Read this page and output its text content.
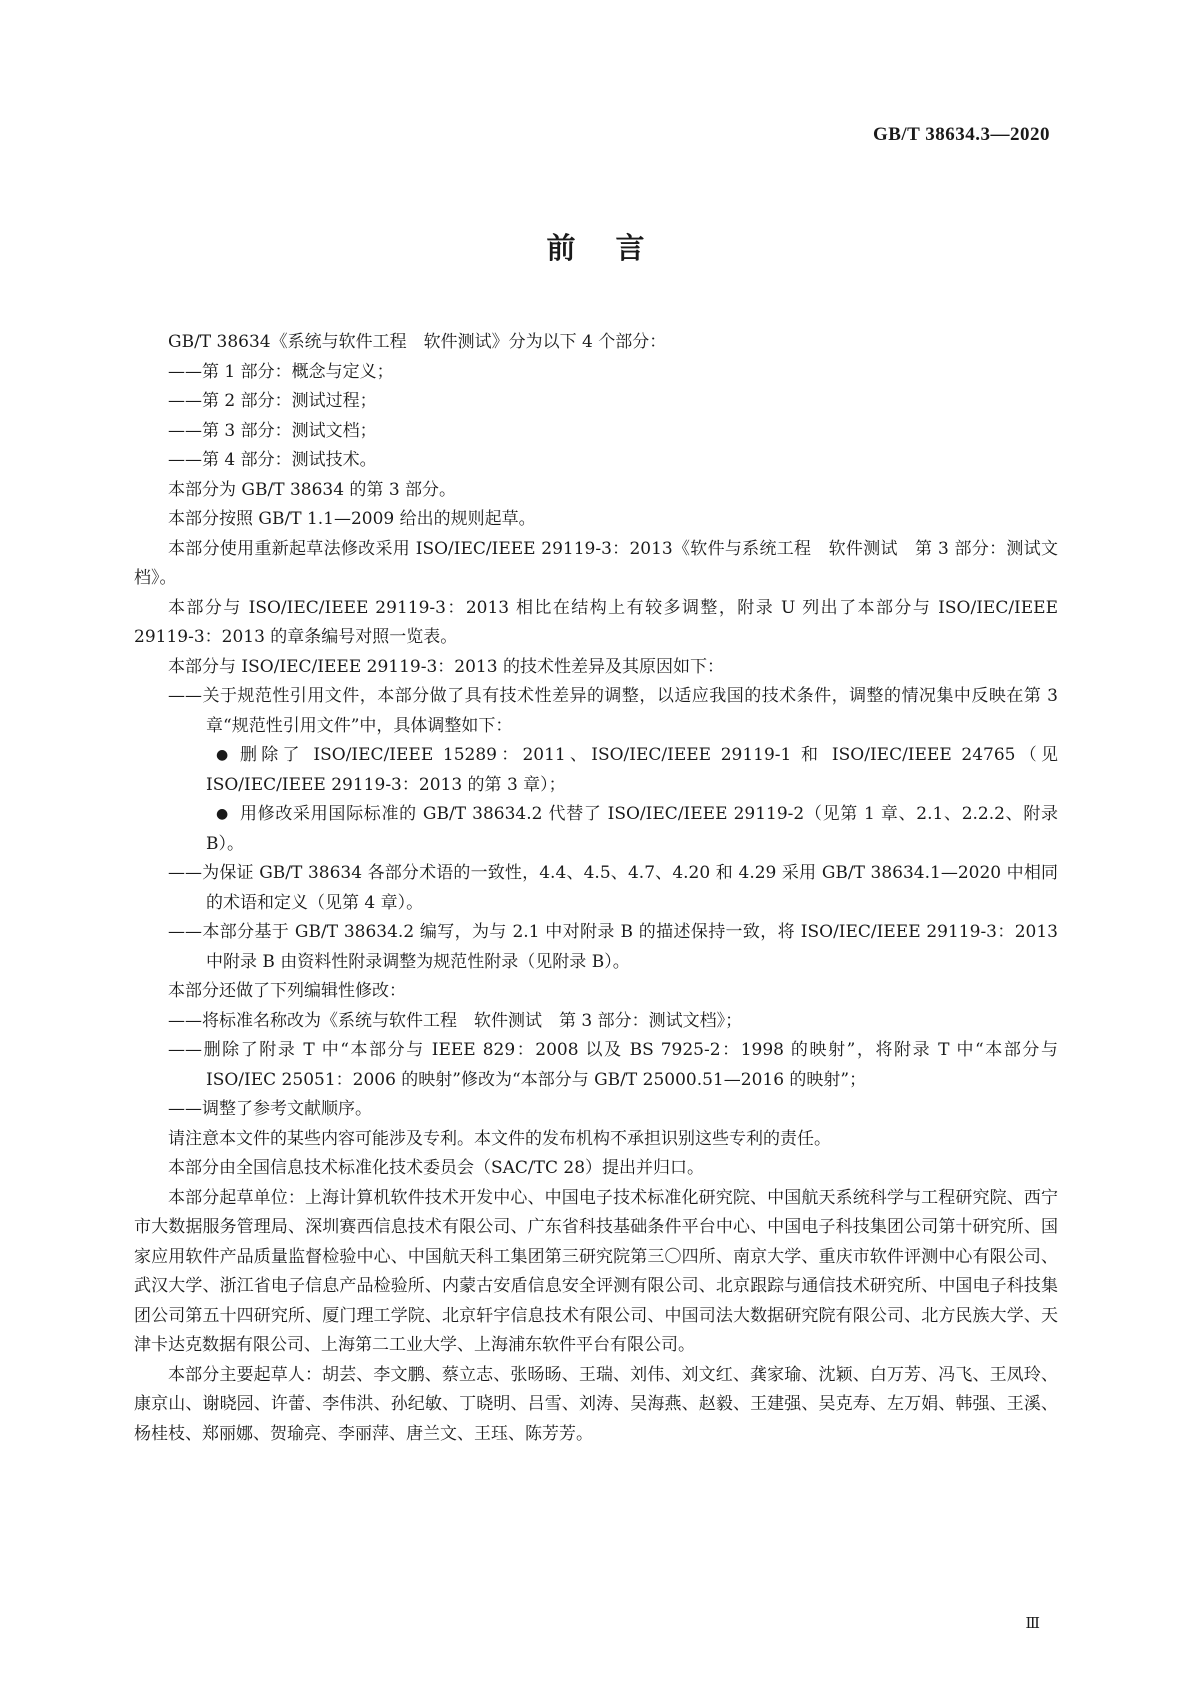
GB/T 38634.3—2020
前言
GB/T 38634《系统与软件工程　软件测试》分为以下 4 个部分：
——第 1 部分：概念与定义；
——第 2 部分：测试过程；
——第 3 部分：测试文档；
——第 4 部分：测试技术。
本部分为 GB/T 38634 的第 3 部分。
本部分按照 GB/T 1.1—2009 给出的规则起草。
本部分使用重新起草法修改采用 ISO/IEC/IEEE 29119-3：2013《软件与系统工程　软件测试　第 3 部分：测试文档》。
本部分与 ISO/IEC/IEEE 29119-3：2013 相比在结构上有较多调整，附录 U 列出了本部分与 ISO/IEC/IEEE 29119-3：2013 的章条编号对照一览表。
本部分与 ISO/IEC/IEEE 29119-3：2013 的技术性差异及其原因如下：
——关于规范性引用文件，本部分做了具有技术性差异的调整，以适应我国的技术条件，调整的情况集中反映在第 3 章“规范性引用文件”中，具体调整如下：
● 删除了 ISO/IEC/IEEE 15289：2011、ISO/IEC/IEEE 29119-1 和 ISO/IEC/IEEE 24765（见 ISO/IEC/IEEE 29119-3：2013 的第 3 章）；
● 用修改采用国际标准的 GB/T 38634.2 代替了 ISO/IEC/IEEE 29119-2（见第 1 章、2.1、2.2.2、附录 B）。
——为保证 GB/T 38634 各部分术语的一致性，4.4、4.5、4.7、4.20 和 4.29 采用 GB/T 38634.1—2020 中相同的术语和定义（见第 4 章）。
——本部分基于 GB/T 38634.2 编写，为与 2.1 中对附录 B 的描述保持一致，将 ISO/IEC/IEEE 29119-3：2013 中附录 B 由资料性附录调整为规范性附录（见附录 B）。
本部分还做了下列编辑性修改：
——将标准名称改为《系统与软件工程　软件测试　第 3 部分：测试文档》；
——删除了附录 T 中“本部分与 IEEE 829：2008 以及 BS 7925-2：1998 的映射”，将附录 T 中“本部分与 ISO/IEC 25051：2006 的映射”修改为“本部分与 GB/T 25000.51—2016 的映射”；
——调整了参考文献顺序。
请注意本文件的某些内容可能涉及专利。本文件的发布机构不承担识别这些专利的责任。
本部分由全国信息技术标准化技术委员会（SAC/TC 28）提出并归口。
本部分起草单位：上海计算机软件技术开发中心、中国电子技术标准化研究院、中国航天系统科学与工程研究院、西宁市大数据服务管理局、深圳赛西信息技术有限公司、广东省科技基础条件平台中心、中国电子科技集团公司第十研究所、国家应用软件产品质量监督检验中心、中国航天科工集团第三研究院第三〇四所、南京大学、重庆市软件评测中心有限公司、武汉大学、浙江省电子信息产品检验所、内蒙古安盾信息安全评测有限公司、北京跟踪与通信技术研究所、中国电子科技集团公司第五十四研究所、厦门理工学院、北京轩宇信息技术有限公司、中国司法大数据研究院有限公司、北方民族大学、天津卡达克数据有限公司、上海第二工业大学、上海浦东软件平台有限公司。
本部分主要起草人：胡芸、李文鹏、蔡立志、张旸旸、王瑞、刘伟、刘文红、龚家瑜、沈颖、白万芳、冯飞、王凤玲、康京山、谢晓园、许蕾、李伟洪、孙纪敏、丁晓明、吕雪、刘涛、吴海燕、赵毅、王建强、吴克寿、左万娟、韩强、王溪、杨桂枝、郑丽娜、贺瑜亮、李丽萍、唐兰文、王珏、陈芳芳。
Ⅲ
